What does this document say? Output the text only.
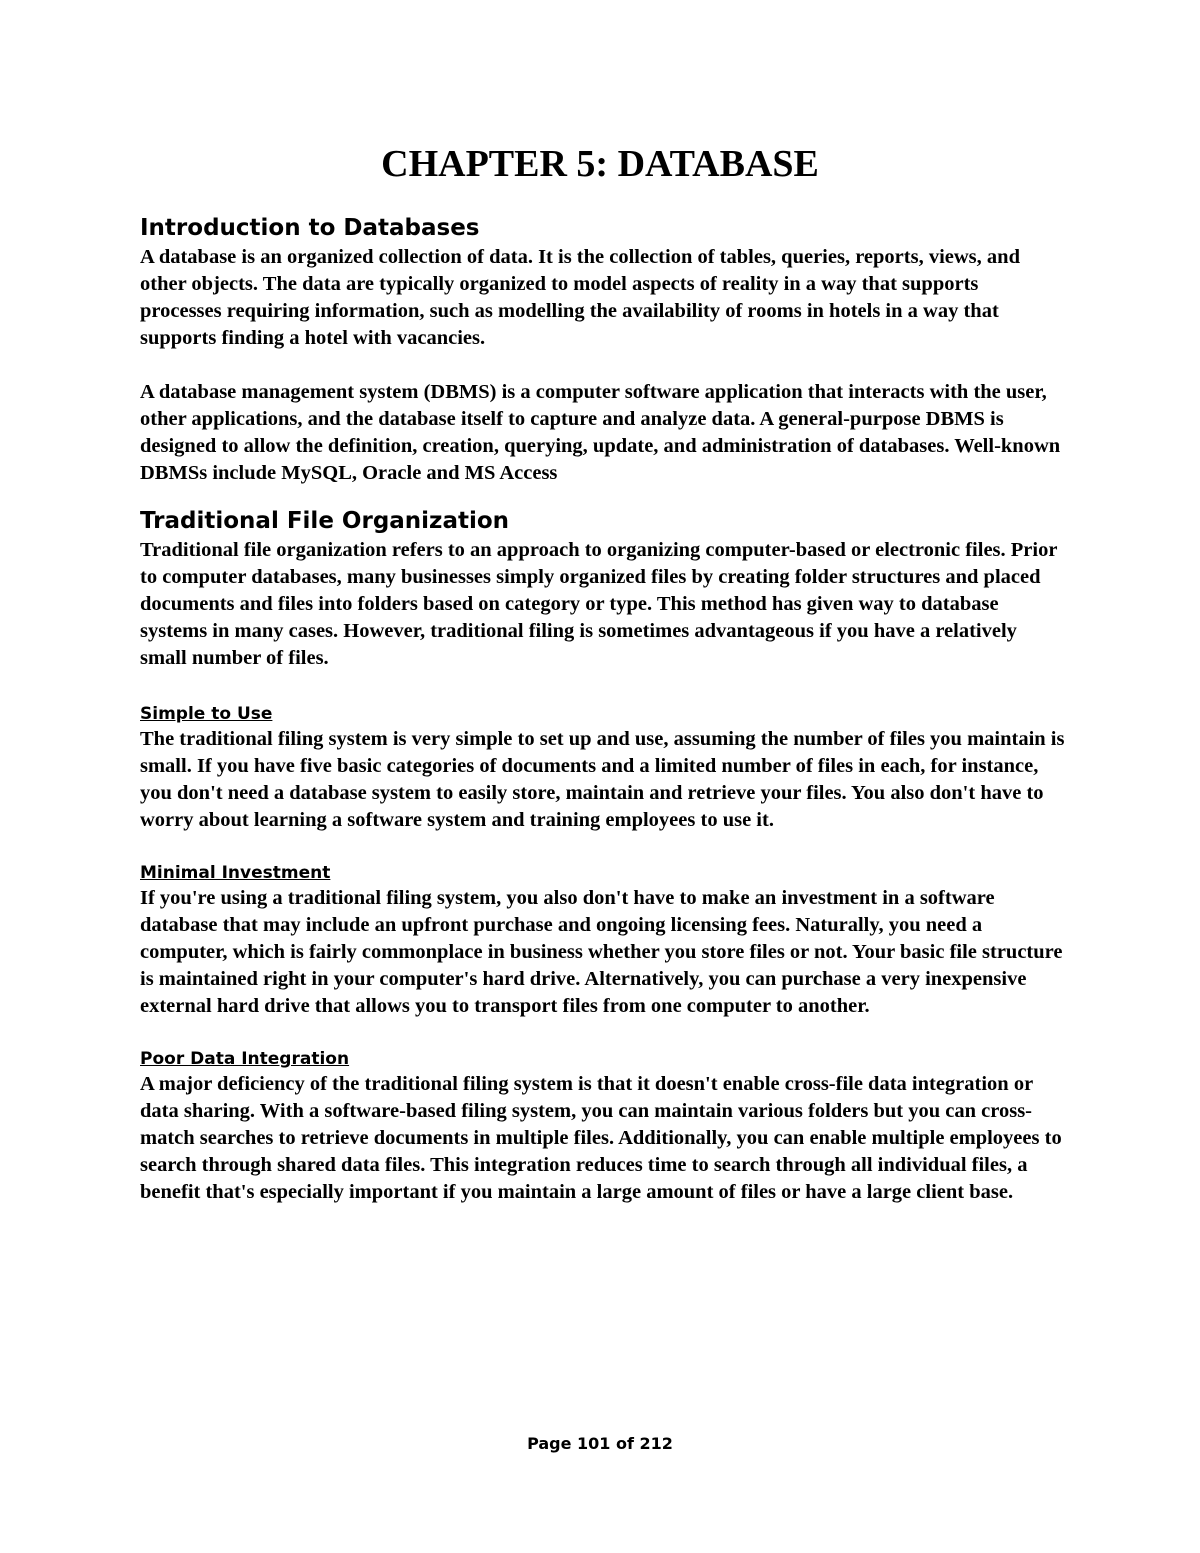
CHAPTER 5: DATABASE
Introduction to Databases

A database is an organized collection of data. It is the collection of tables, queries, reports, views, and other objects. The data are typically organized to model aspects of reality in a way that supports processes requiring information, such as modelling the availability of rooms in hotels in a way that supports finding a hotel with vacancies.

A database management system (DBMS) is a computer software application that interacts with the user, other applications, and the database itself to capture and analyze data. A general-purpose DBMS is designed to allow the definition, creation, querying, update, and administration of databases. Well-known DBMSs include MySQL, Oracle and MS Access

Traditional File Organization

Traditional file organization refers to an approach to organizing computer-based or electronic files. Prior to computer databases, many businesses simply organized files by creating folder structures and placed documents and files into folders based on category or type. This method has given way to database systems in many cases. However, traditional filing is sometimes advantageous if you have a relatively small number of files.

Simple to Use

The traditional filing system is very simple to set up and use, assuming the number of files you maintain is small. If you have five basic categories of documents and a limited number of files in each, for instance, you don't need a database system to easily store, maintain and retrieve your files. You also don't have to worry about learning a software system and training employees to use it.

Minimal Investment

If you're using a traditional filing system, you also don't have to make an investment in a software database that may include an upfront purchase and ongoing licensing fees. Naturally, you need a computer, which is fairly commonplace in business whether you store files or not. Your basic file structure is maintained right in your computer's hard drive. Alternatively, you can purchase a very inexpensive external hard drive that allows you to transport files from one computer to another.

Poor Data Integration

A major deficiency of the traditional filing system is that it doesn't enable cross-file data integration or data sharing. With a software-based filing system, you can maintain various folders but you can cross-match searches to retrieve documents in multiple files. Additionally, you can enable multiple employees to search through shared data files. This integration reduces time to search through all individual files, a benefit that's especially important if you maintain a large amount of files or have a large client base.

Page 101 of 212
